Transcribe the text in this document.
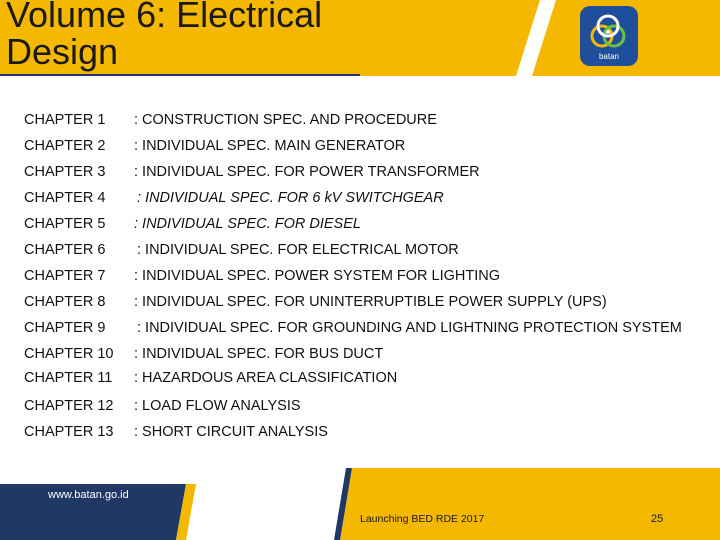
Volume 6: Electrical
Design	batan
CHAPTER 1 : CONSTRUCTION SPEC. AND PROCEDURE
CHAPTER 2 : INDIVIDUAL SPEC. MAIN GENERATOR
CHAPTER 3 : INDIVIDUAL SPEC. FOR POWER TRANSFORMER
CHAPTER 4 : INDIVIDUAL SPEC. FOR 6 kV SWITCHGEAR
CHAPTER 5 : INDIVIDUAL SPEC. FOR DIESEL
CHAPTER 6 : INDIVIDUAL SPEC. FOR ELECTRICAL MOTOR
CHAPTER 7 : INDIVIDUAL SPEC. POWER SYSTEM FOR LIGHTING
CHAPTER 8 : INDIVIDUAL SPEC. FOR UNINTERRUPTIBLE POWER SUPPLY (UPS)
CHAPTER 9 : INDIVIDUAL SPEC. FOR GROUNDING AND LIGHTNING PROTECTION SYSTEM
CHAPTER 10 : INDIVIDUAL SPEC. FOR BUS DUCT
CHAPTER 11 : HAZARDOUS AREA CLASSIFICATION
CHAPTER 12 : LOAD FLOW ANALYSIS
CHAPTER 13 : SHORT CIRCUIT ANALYSIS
www.batan.go.id
Launching BED RDE 2017	25
